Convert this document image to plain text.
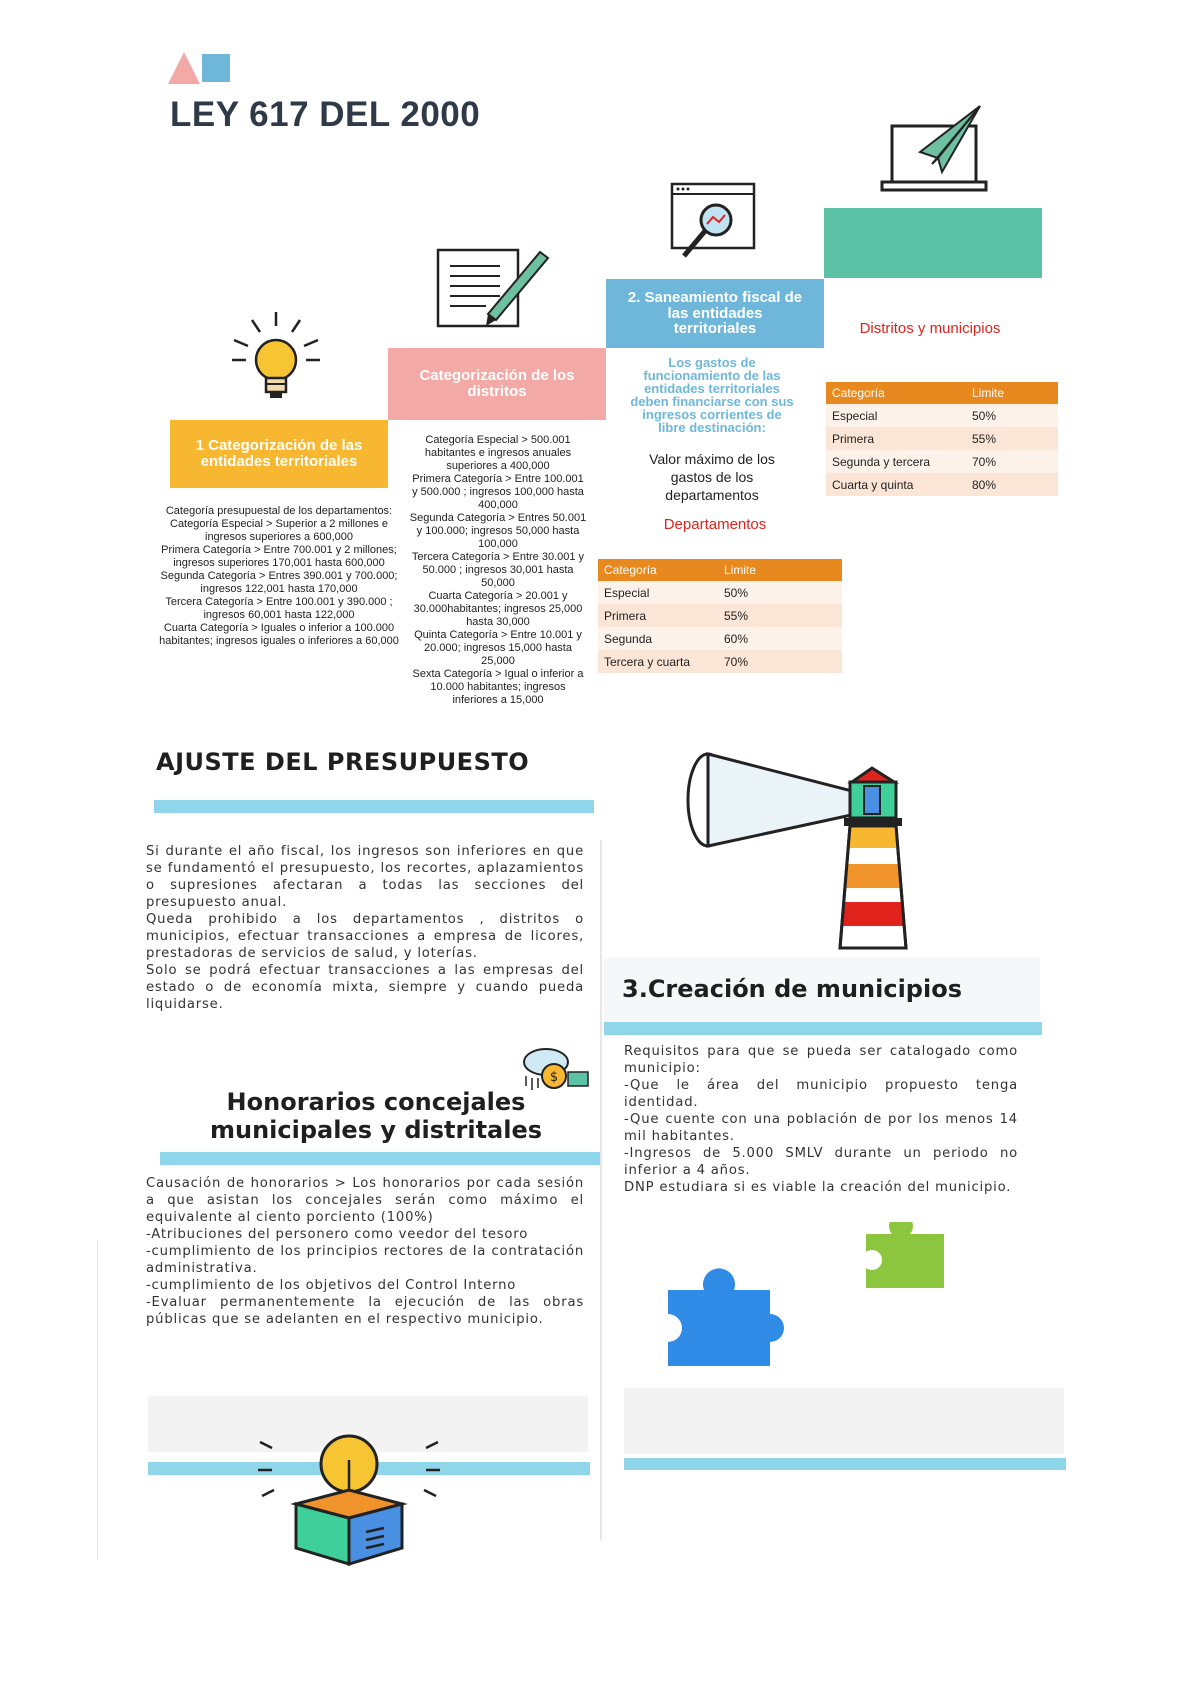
LEY 617 DEL 2000
1 Categorización de las entidades territoriales
Categorización de los distritos
2. Saneamiento fiscal de las entidades territoriales
Categoría presupuestal de los departamentos:
Categoría Especial > Superior a 2 millones e ingresos superiores a 600,000
Primera Categoría > Entre 700.001 y 2 millones; ingresos superiores 170,001 hasta 600,000
Segunda Categoría > Entres 390.001 y 700.000; ingresos 122,001 hasta 170,000
Tercera Categoría > Entre 100.001 y 390.000 ; ingresos 60,001 hasta 122,000
Cuarta Categoría > Iguales o inferior a 100.000 habitantes; ingresos iguales o inferiores a 60,000
Categoría Especial > 500.001 habitantes e ingresos anuales superiores a 400,000
Primera Categoría > Entre 100.001 y 500.000 ; ingresos 100,000 hasta 400,000
Segunda Categoría > Entres 50.001 y 100.000; ingresos 50,000 hasta 100,000
Tercera Categoría > Entre 30.001 y 50.000 ; ingresos 30,001 hasta 50,000
Cuarta Categoría > 20.001 y 30.000habitantes; ingresos 25,000 hasta 30,000
Quinta Categoría > Entre 10.001 y 20.000; ingresos 15,000 hasta 25,000
Sexta Categoría > Igual o inferior a 10.000 habitantes; ingresos inferiores a 15,000
Los gastos de funcionamiento de las entidades territoriales deben financiarse con sus ingresos corrientes de libre destinación:
Valor máximo de los gastos de los departamentos
Departamentos
Distritos y municipios
Categoría	Limite
Especial	50%
Primera	55%
Segunda	60%
Tercera y cuarta	70%
Categoría	Limite
Especial	50%
Primera	55%
Segunda y tercera	70%
Cuarta y quinta	80%
AJUSTE DEL PRESUPUESTO

Si durante el año fiscal, los ingresos son inferiores en que se fundamentó el presupuesto, los recortes, aplazamientos o supresiones afectaran a todas las secciones del presupuesto anual.

Queda prohibido a los departamentos , distritos o municipios, efectuar transacciones a empresa de licores, prestadoras de servicios de salud, y loterías.

Solo se podrá efectuar transacciones a las empresas del estado o de economía mixta, siempre y cuando pueda liquidarse.

$
Honorarios concejales
municipales y distritales

Causación de honorarios > Los honorarios por cada sesión a que asistan los concejales serán como máximo el equivalente al ciento porciento (100%)

-Atribuciones del personero como veedor del tesoro

-cumplimiento de los principios rectores de la contratación administrativa.

-cumplimiento de los objetivos del Control Interno

-Evaluar permanentemente la ejecución de las obras públicas que se adelanten en el respectivo municipio.

3.Creación de municipios

Requisitos para que se pueda ser catalogado como municipio:

-Que le área del municipio propuesto tenga identidad.

-Que cuente con una población de por los menos 14 mil habitantes.

-Ingresos de 5.000 SMLV durante un periodo no inferior a 4 años.

DNP estudiara si es viable la creación del municipio.
